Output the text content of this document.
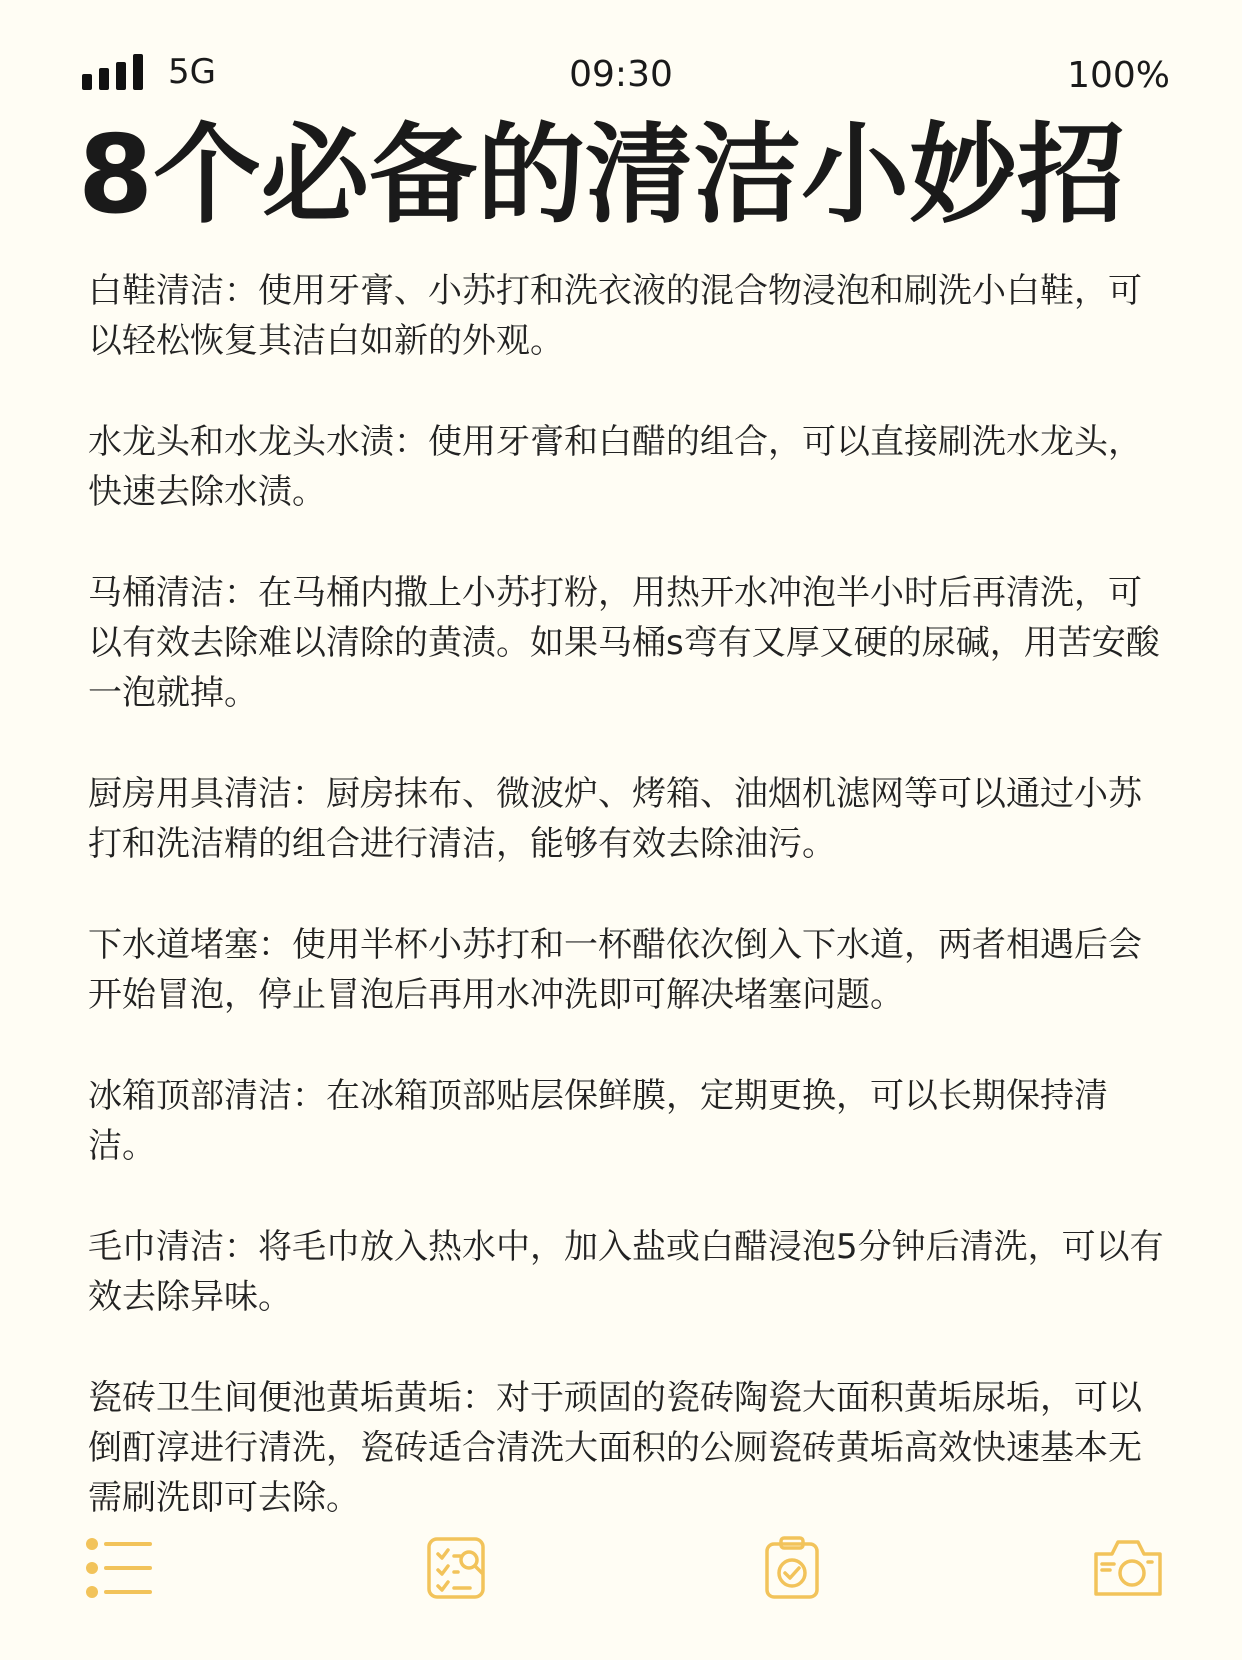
5G	09:30	100%
8个必备的清洁小妙招

白鞋清洁：使用牙膏、小苏打和洗衣液的混合物浸泡和刷洗小白鞋，可以轻松恢复其洁白如新的外观。

水龙头和水龙头水渍：使用牙膏和白醋的组合，可以直接刷洗水龙头，快速去除水渍。

马桶清洁：在马桶内撒上小苏打粉，用热开水冲泡半小时后再清洗，可以有效去除难以清除的黄渍。如果马桶s弯有又厚又硬的尿碱，用苦安酸一泡就掉。

厨房用具清洁：厨房抹布、微波炉、烤箱、油烟机滤网等可以通过小苏打和洗洁精的组合进行清洁，能够有效去除油污。

下水道堵塞：使用半杯小苏打和一杯醋依次倒入下水道，两者相遇后会开始冒泡，停止冒泡后再用水冲洗即可解决堵塞问题。

冰箱顶部清洁：在冰箱顶部贴层保鲜膜，定期更换，可以长期保持清洁。

毛巾清洁：将毛巾放入热水中，加入盐或白醋浸泡5分钟后清洗，可以有效去除异味。

瓷砖卫生间便池黄垢黄垢：对于顽固的瓷砖陶瓷大面积黄垢尿垢，可以倒酊淳进行清洗，瓷砖适合清洗大面积的公厕瓷砖黄垢高效快速基本无需刷洗即可去除。
